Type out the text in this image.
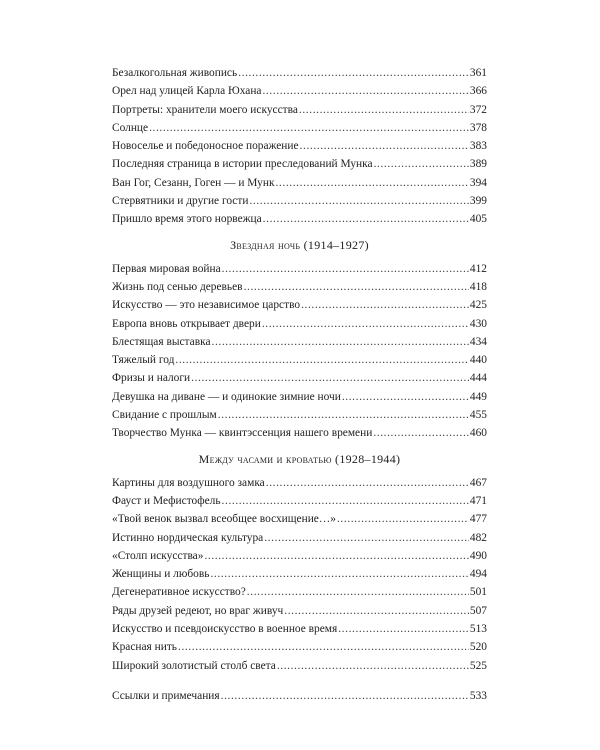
Безалкогольная живопись .....	361
Орел над улицей Карла Юхана .....	366
Портреты: хранители моего искусства .....	372
Солнце .....	378
Новоселье и победоносное поражение .....	383
Последняя страница в истории преследований Мунка .....	389
Ван Гог, Сезанн, Гоген — и Мунк .....	394
Стервятники и другие гости .....	399
Пришло время этого норвежца .....	405
Звездная ночь (1914–1927)
Первая мировая война .....	412
Жизнь под сенью деревьев .....	418
Искусство — это независимое царство .....	425
Европа вновь открывает двери .....	430
Блестящая выставка .....	434
Тяжелый год .....	440
Фризы и налоги .....	444
Девушка на диване — и одинокие зимние ночи .....	449
Свидание с прошлым .....	455
Творчество Мунка — квинтэссенция нашего времени .....	460
Между часами и кроватью (1928–1944)
Картины для воздушного замка .....	467
Фауст и Мефистофель .....	471
«Твой венок вызвал всеобщее восхищение…» .....	477
Истинно нордическая культура .....	482
«Столп искусства» .....	490
Женщины и любовь .....	494
Дегенеративное искусство? .....	501
Ряды друзей редеют, но враг живуч .....	507
Искусство и псевдоискусство в военное время .....	513
Красная нить .....	520
Широкий золотистый столб света .....	525
Ссылки и примечания .....	533
